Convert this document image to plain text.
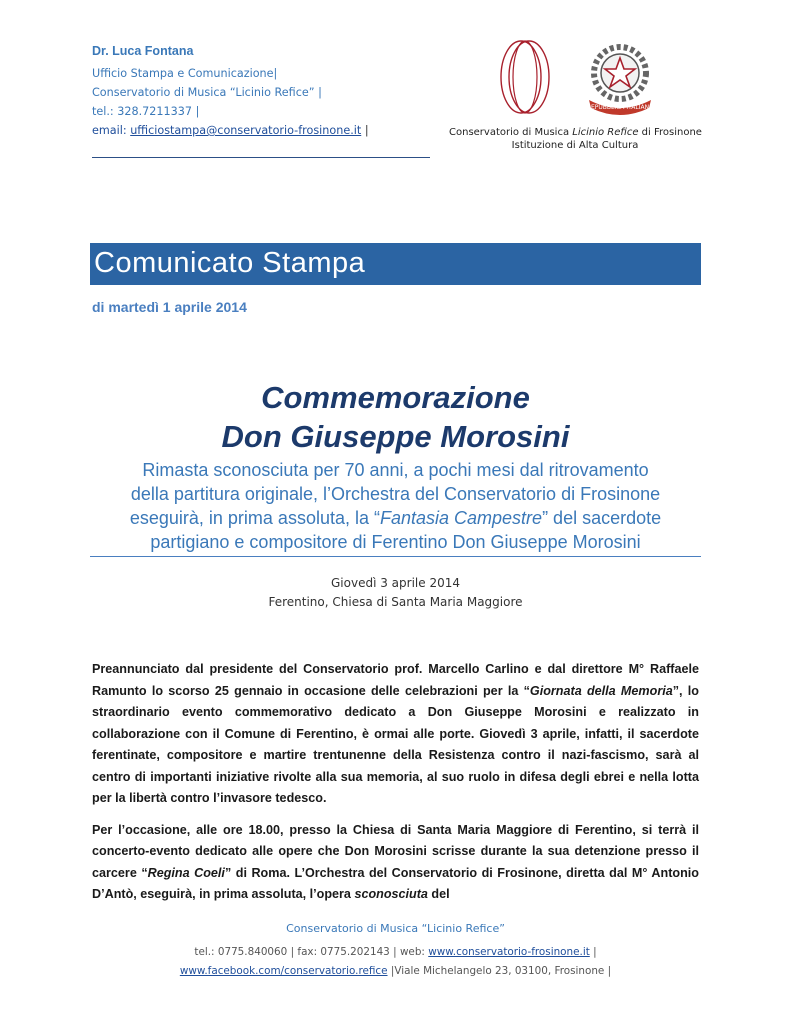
Dr. Luca Fontana
Ufficio Stampa e Comunicazione|
Conservatorio di Musica “Licinio Refice” |
tel.: 328.7211337 |
email: ufficiostampa@conservatorio-frosinone.it |
REPUBBLICA ITALIANA
Conservatorio di Musica Licinio Refice di Frosinone
Istituzione di Alta Cultura
Comunicato Stampa
di martedì 1 aprile 2014
Commemorazione
Don Giuseppe Morosini
Rimasta sconosciuta per 70 anni, a pochi mesi dal ritrovamento
della partitura originale, l’Orchestra del Conservatorio di Frosinone
eseguirà, in prima assoluta, la “Fantasia Campestre” del sacerdote
partigiano e compositore di Ferentino Don Giuseppe Morosini
Giovedì 3 aprile 2014
Ferentino, Chiesa di Santa Maria Maggiore

Preannunciato dal presidente del Conservatorio prof. Marcello Carlino e dal direttore M° Raffaele Ramunto lo scorso 25 gennaio in occasione delle celebrazioni per la “Giornata della Memoria”, lo straordinario evento commemorativo dedicato a Don Giuseppe Morosini e realizzato in collaborazione con il Comune di Ferentino, è ormai alle porte. Giovedì 3 aprile, infatti, il sacerdote ferentinate, compositore e martire trentunenne della Resistenza contro il nazi-fascismo, sarà al centro di importanti iniziative rivolte alla sua memoria, al suo ruolo in difesa degli ebrei e nella lotta per la libertà contro l’invasore tedesco.

Per l’occasione, alle ore 18.00, presso la Chiesa di Santa Maria Maggiore di Ferentino, si terrà il concerto-evento dedicato alle opere che Don Morosini scrisse durante la sua detenzione presso il carcere “Regina Coeli” di Roma. L’Orchestra del Conservatorio di Frosinone, diretta dal M° Antonio D’Antò, eseguirà, in prima assoluta, l’opera sconosciuta del

Conservatorio di Musica “Licinio Refice”
tel.: 0775.840060 | fax: 0775.202143 | web: www.conservatorio-frosinone.it |
www.facebook.com/conservatorio.refice |Viale Michelangelo 23, 03100, Frosinone |
